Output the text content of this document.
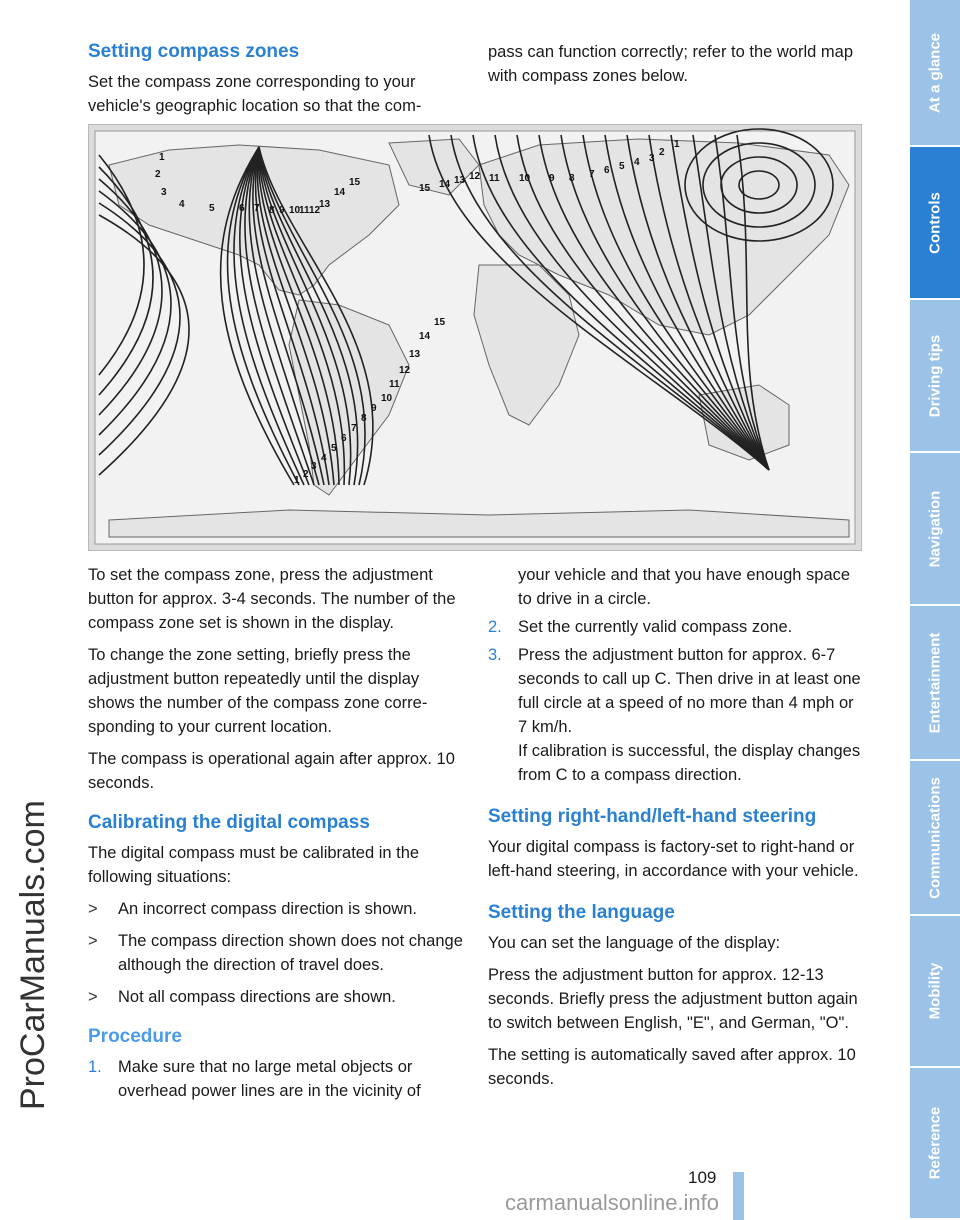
ProCarManuals.com
Setting compass zones

Set the compass zone corresponding to your vehicle's geographic location so that the com-

pass can function correctly; refer to the world map with compass zones below.

1
2
3
4 5 6 7 8 9 10
11 12
13
14
15
1
2
3
4
5
6
7
8
9
10
11
12
13
14
15
1
2
3
4
5
6
7
8
9
10
11
12
13
14
15

To set the compass zone, press the adjustment button for approx. 3-4 seconds. The number of the compass zone set is shown in the display.

To change the zone setting, briefly press the adjustment button repeatedly until the display shows the number of the compass zone corre-sponding to your current location.

The compass is operational again after approx. 10 seconds.

Calibrating the digital compass

The digital compass must be calibrated in the following situations:

>	An incorrect compass direction is shown.
>	The compass direction shown does not change although the direction of travel does.
>	Not all compass directions are shown.
Procedure
1. Make sure that no large metal objects or overhead power lines are in the vicinity of
your vehicle and that you have enough space to drive in a circle.
2. Set the currently valid compass zone.
3. Press the adjustment button for approx. 6-7 seconds to call up C. Then drive in at least one full circle at a speed of no more than 4 mph or 7 km/h.
If calibration is successful, the display changes from C to a compass direction.
Setting right-hand/left-hand steering

Your digital compass is factory-set to right-hand or left-hand steering, in accordance with your vehicle.

Setting the language

You can set the language of the display:

Press the adjustment button for approx. 12-13 seconds. Briefly press the adjustment button again to switch between English, "E", and German, "O".

The setting is automatically saved after approx. 10 seconds.

At a glance
Controls
Driving tips
Navigation
Entertainment
Communications
Mobility
Reference
109
carmanualsonline.info
